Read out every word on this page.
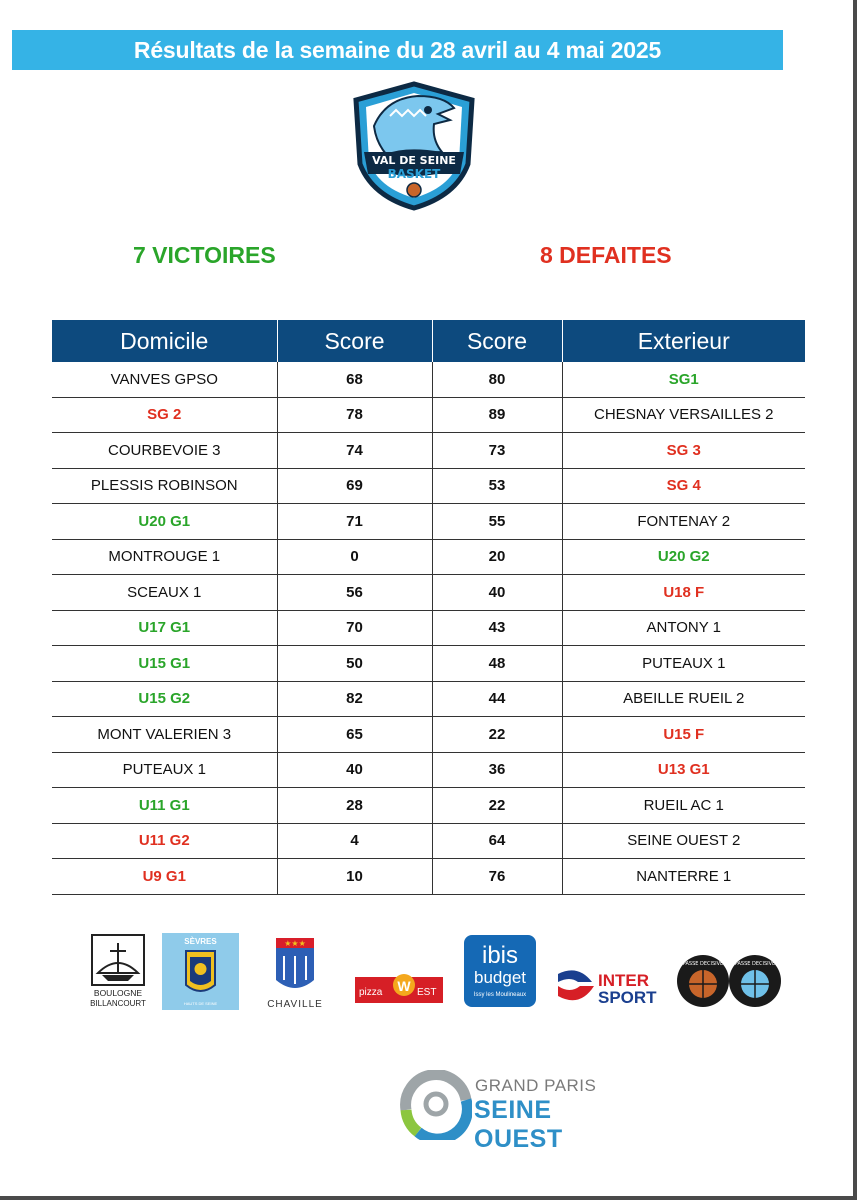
Résultats de la semaine du 28 avril au 4 mai 2025
VAL DE SEINE
BASKET
7 VICTOIRES	8 DEFAITES
Domicile	Score	Score	Exterieur
VANVES GPSO	68	80	SG1
SG 2	78	89	CHESNAY VERSAILLES 2
COURBEVOIE 3	74	73	SG 3
PLESSIS ROBINSON	69	53	SG 4
U20 G1	71	55	FONTENAY 2
MONTROUGE 1	0	20	U20 G2
SCEAUX 1	56	40	U18 F
U17 G1	70	43	ANTONY 1
U15 G1	50	48	PUTEAUX 1
U15 G2	82	44	ABEILLE RUEIL 2
MONT VALERIEN 3	65	22	U15 F
PUTEAUX 1	40	36	U13 G1
U11 G1	28	22	RUEIL AC 1
U11 G2	4	64	SEINE OUEST 2
U9 G1	10	76	NANTERRE 1
BOULOGNE
BILLANCOURT
SÈVRES
HAUTS DE SEINE
★★★
CHAVILLE
pizza W EST
ibis
budget
Issy les Moulineaux
INTER
SPORT
PASSE DECISIVE PASSE DECISIVE
GRAND PARIS
SEINE OUEST
